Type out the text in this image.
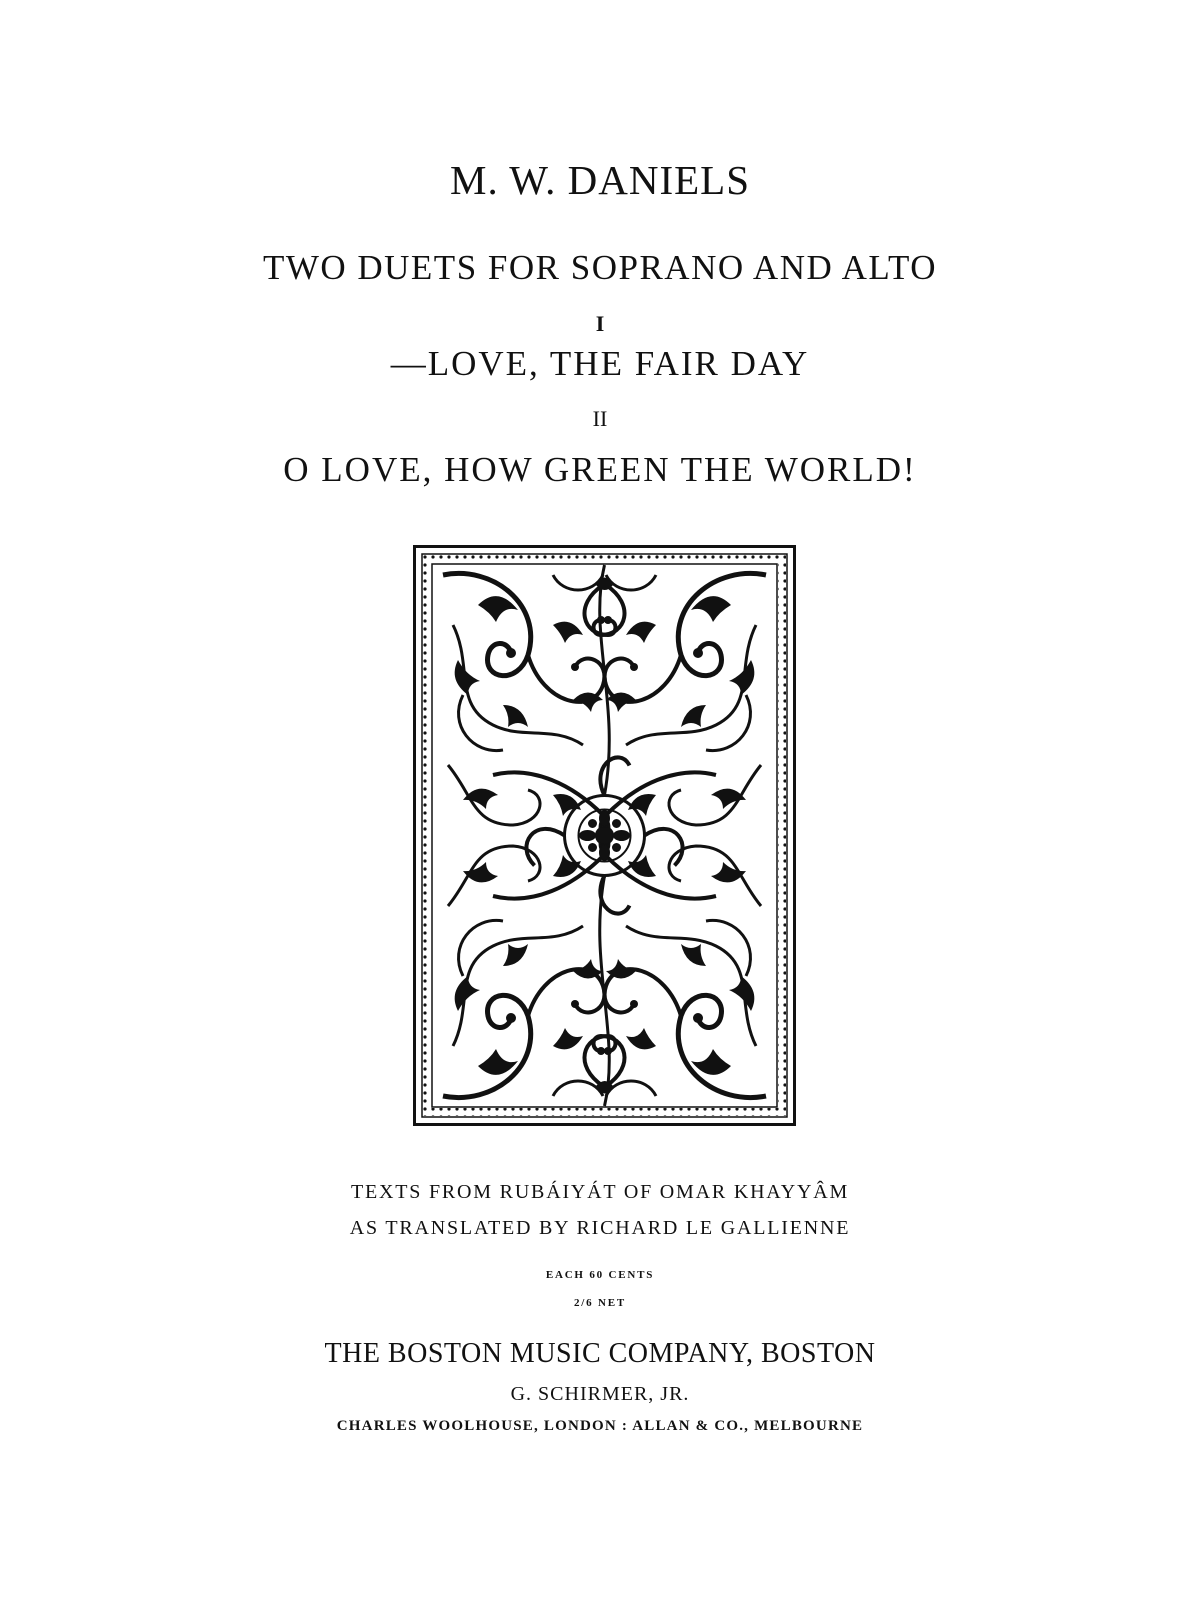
M. W. DANIELS
TWO DUETS FOR SOPRANO AND ALTO
I
—LOVE, THE FAIR DAY
II
O LOVE, HOW GREEN THE WORLD!
TEXTS FROM RUBÁIYÁT OF OMAR KHAYYÂM
AS TRANSLATED BY RICHARD LE GALLIENNE
EACH 60 CENTS
2/6 NET
THE BOSTON MUSIC COMPANY, BOSTON
G. SCHIRMER, JR.
CHARLES WOOLHOUSE, LONDON : ALLAN & CO., MELBOURNE
